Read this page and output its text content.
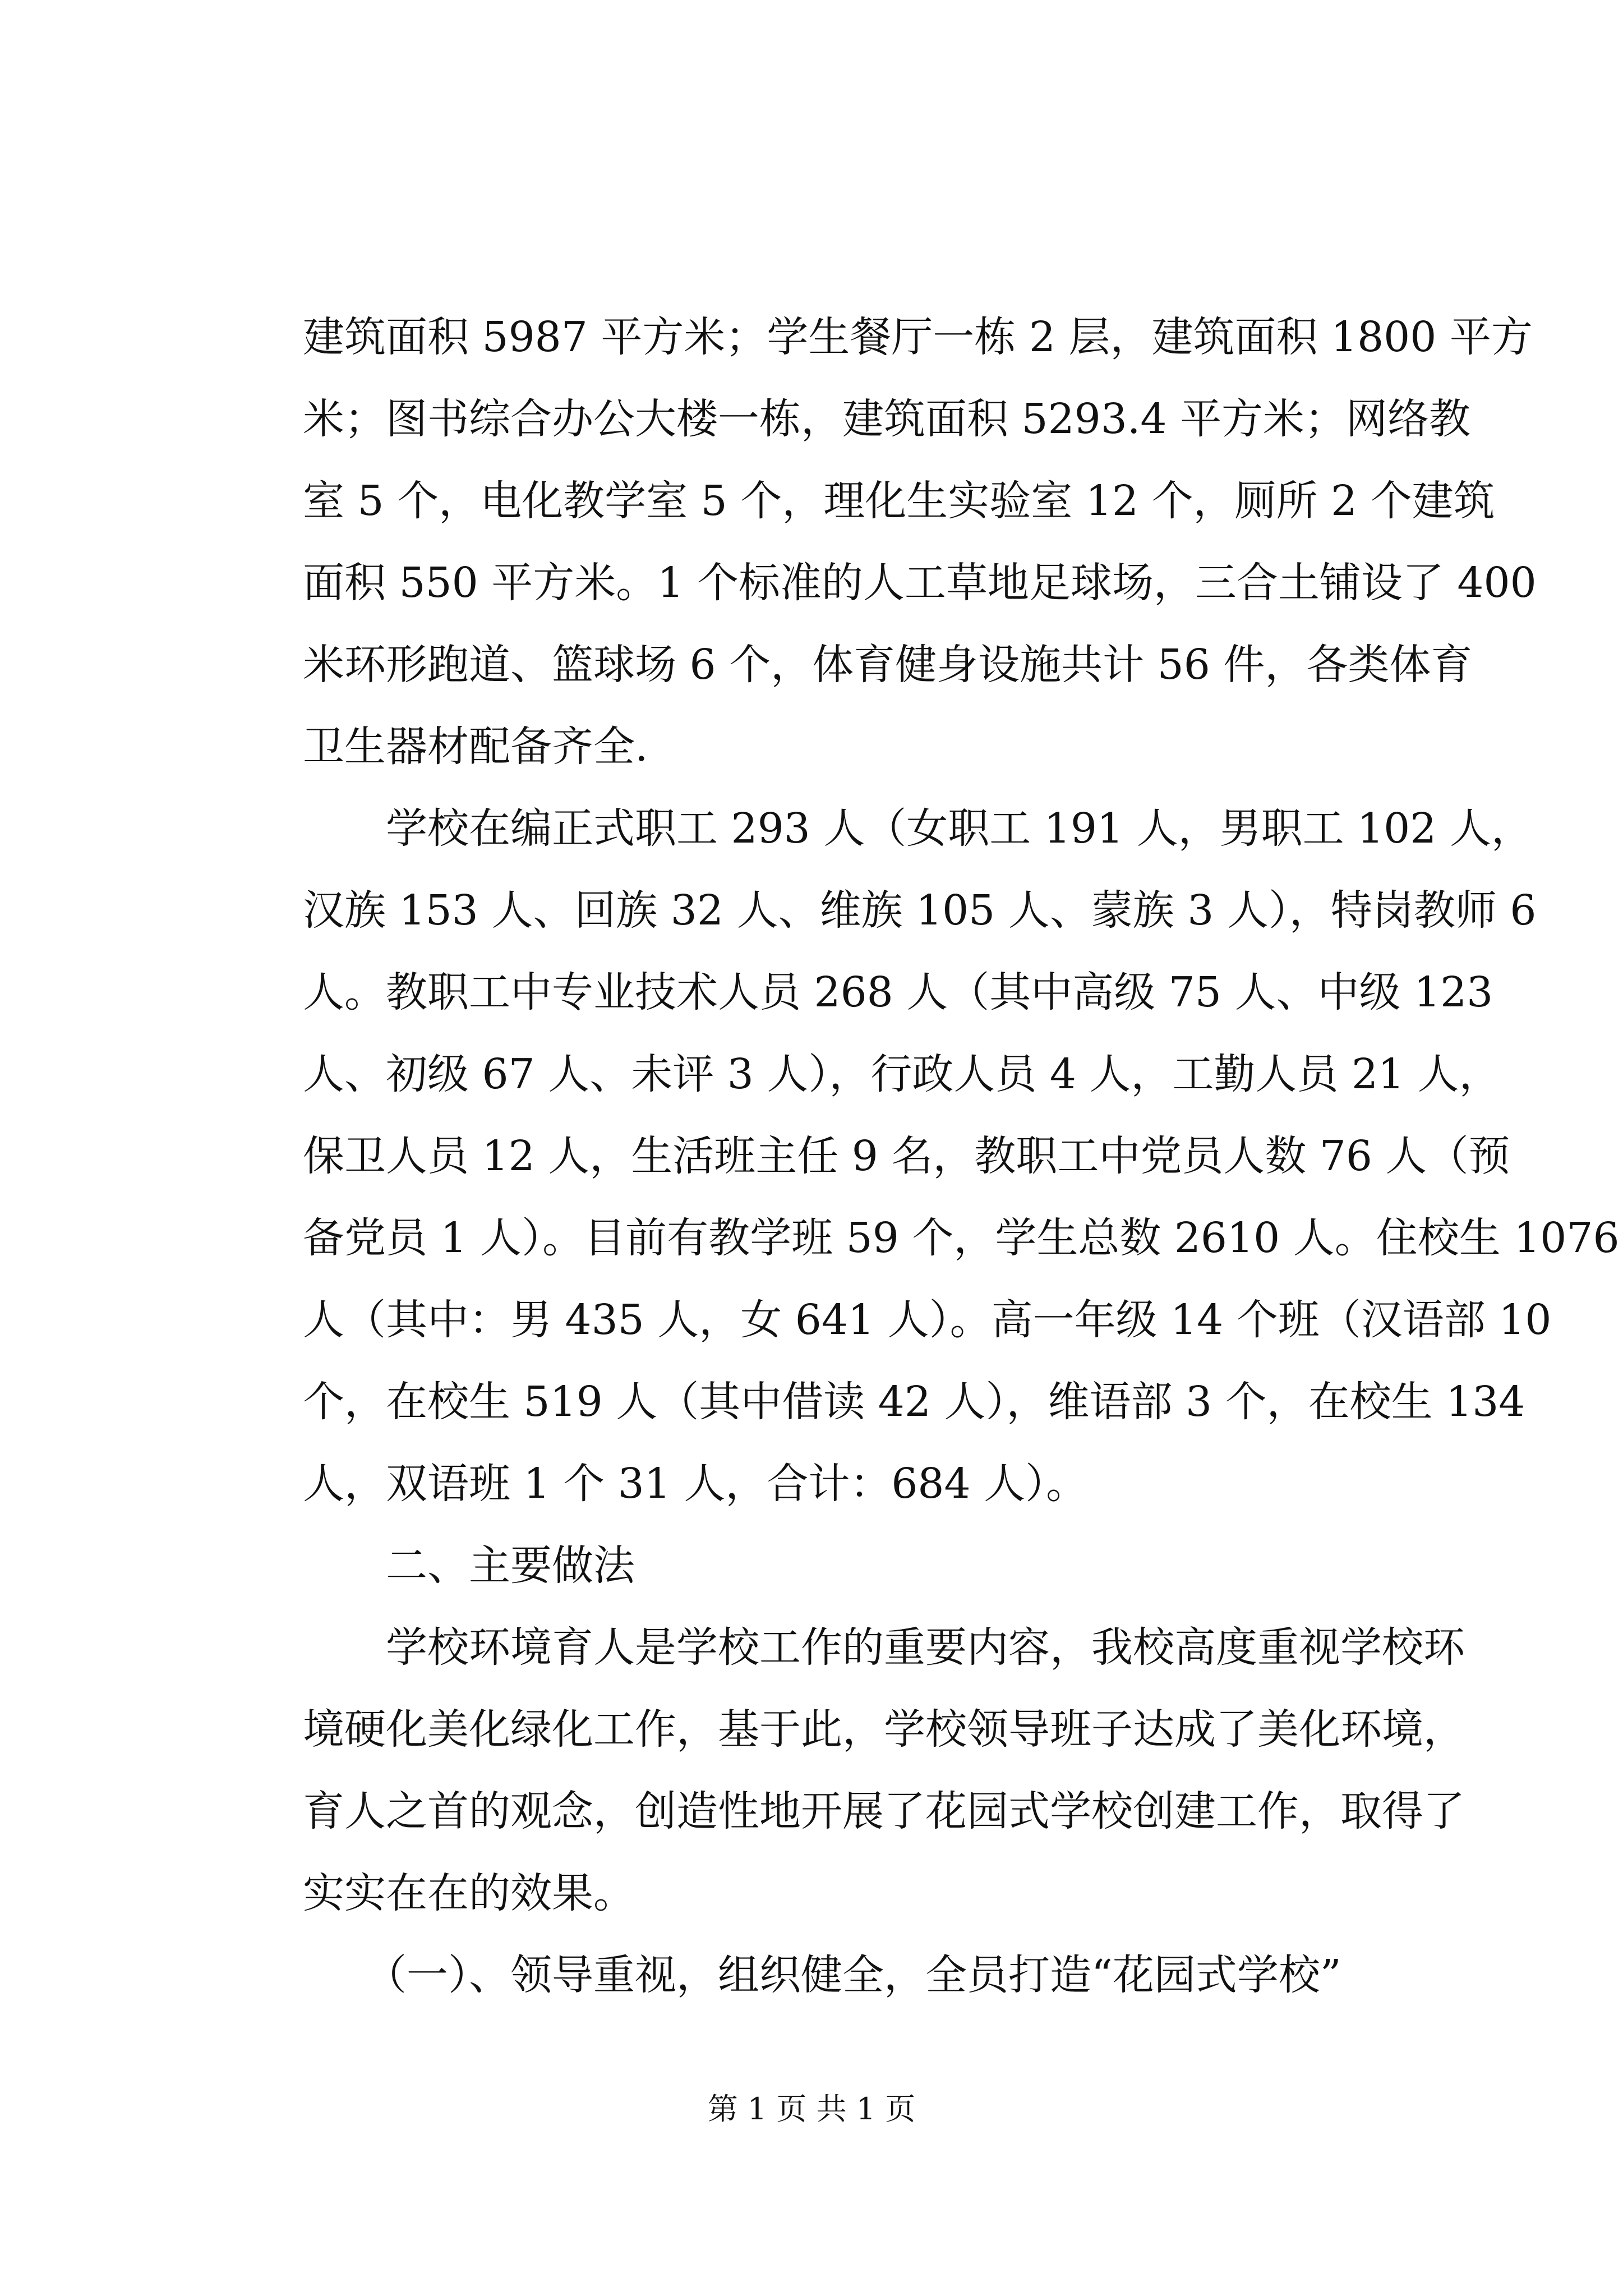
建筑面积 5987 平方米；学生餐厅一栋 2 层，建筑面积 1800 平方
米；图书综合办公大楼一栋，建筑面积 5293.4 平方米；网络教
室 5 个，电化教学室 5 个，理化生实验室 12 个，厕所 2 个建筑
面积 550 平方米。1 个标准的人工草地足球场，三合土铺设了 400
米环形跑道、篮球场 6 个，体育健身设施共计 56 件，各类体育
卫生器材配备齐全.
　　学校在编正式职工 293 人（女职工 191 人，男职工 102 人，
汉族 153 人、回族 32 人、维族 105 人、蒙族 3 人），特岗教师 6
人。教职工中专业技术人员 268 人（其中高级 75 人、中级 123
人、初级 67 人、未评 3 人），行政人员 4 人，工勤人员 21 人，
保卫人员 12 人，生活班主任 9 名，教职工中党员人数 76 人（预
备党员 1 人）。目前有教学班 59 个，学生总数 2610 人。住校生 1076
人（其中：男 435 人，女 641 人）。高一年级 14 个班（汉语部 10
个，在校生 519 人（其中借读 42 人），维语部 3 个，在校生 134
人，双语班 1 个 31 人，合计：684 人）。
　　二、主要做法
　　学校环境育人是学校工作的重要内容，我校高度重视学校环
境硬化美化绿化工作，基于此，学校领导班子达成了美化环境，
育人之首的观念，创造性地开展了花园式学校创建工作，取得了
实实在在的效果。
　　（一）、领导重视，组织健全，全员打造“花园式学校”
第 1 页 共 1 页
